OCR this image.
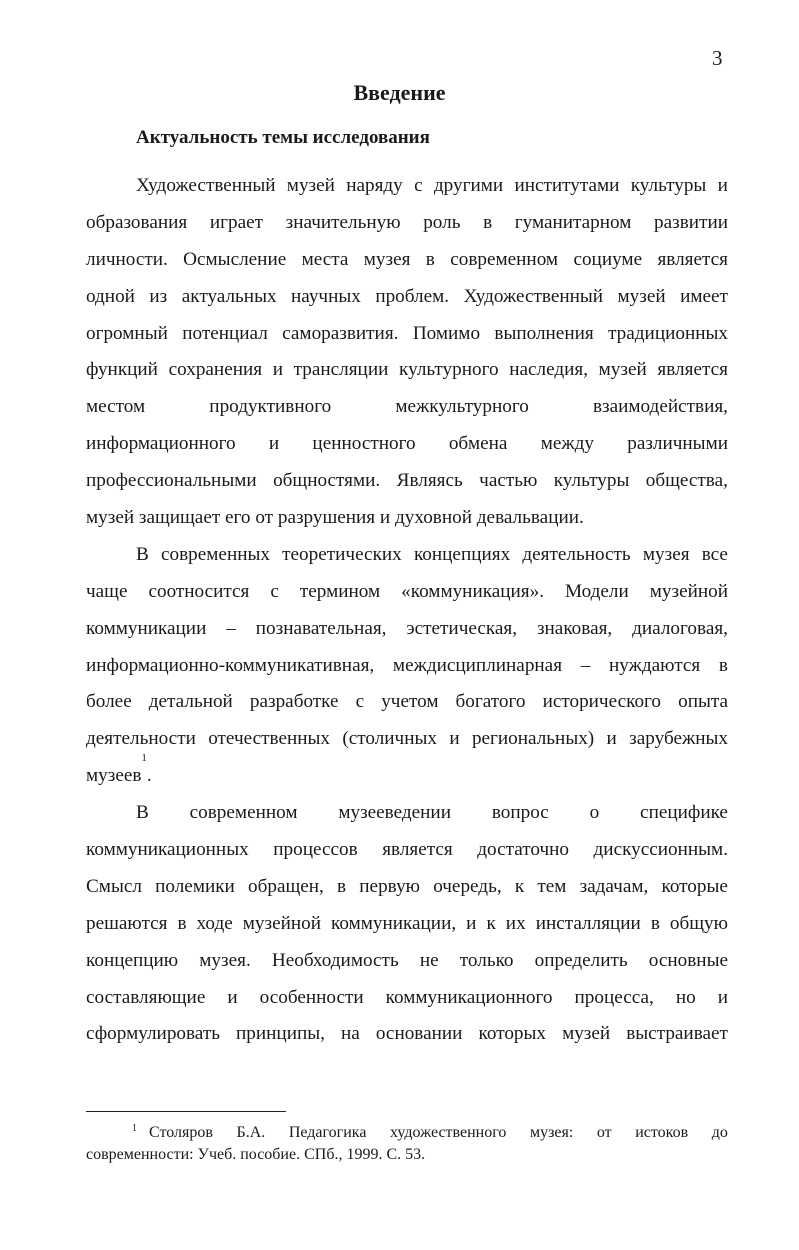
3
Введение
Актуальность темы исследования
Художественный музей наряду с другими институтами культуры и
образования играет значительную роль в гуманитарном развитии
личности. Осмысление места музея в современном социуме является
одной из актуальных научных проблем. Художественный музей имеет
огромный потенциал саморазвития. Помимо выполнения традиционных
функций сохранения и трансляции культурного наследия, музей является
местом	продуктивного	межкультурного	взаимодействия,
информационного и ценностного обмена между различными
профессиональными общностями. Являясь частью культуры общества,
музей защищает его от разрушения и духовной девальвации.
В современных теоретических концепциях деятельность музея все
чаще соотносится с термином «коммуникация». Модели музейной
коммуникации – познавательная, эстетическая, знаковая, диалоговая,
информационно-коммуникативная, междисциплинарная – нуждаются в
более детальной разработке с учетом богатого исторического опыта
деятельности отечественных (столичных и региональных) и зарубежных
музеев
1
.
В современном музееведении вопрос о специфике
коммуникационных процессов является достаточно дискуссионным.
Смысл полемики обращен, в первую очередь, к тем задачам, которые
решаются в ходе музейной коммуникации, и к их инсталляции в общую
концепцию музея. Необходимость не только определить основные
составляющие и особенности коммуникационного процесса, но и
сформулировать принципы, на основании которых музей выстраивает
$^1$ Столяров Б.А. Педагогика художественного музея: от истоков до
современности: Учеб. пособие. СПб., 1999. С. 53.
